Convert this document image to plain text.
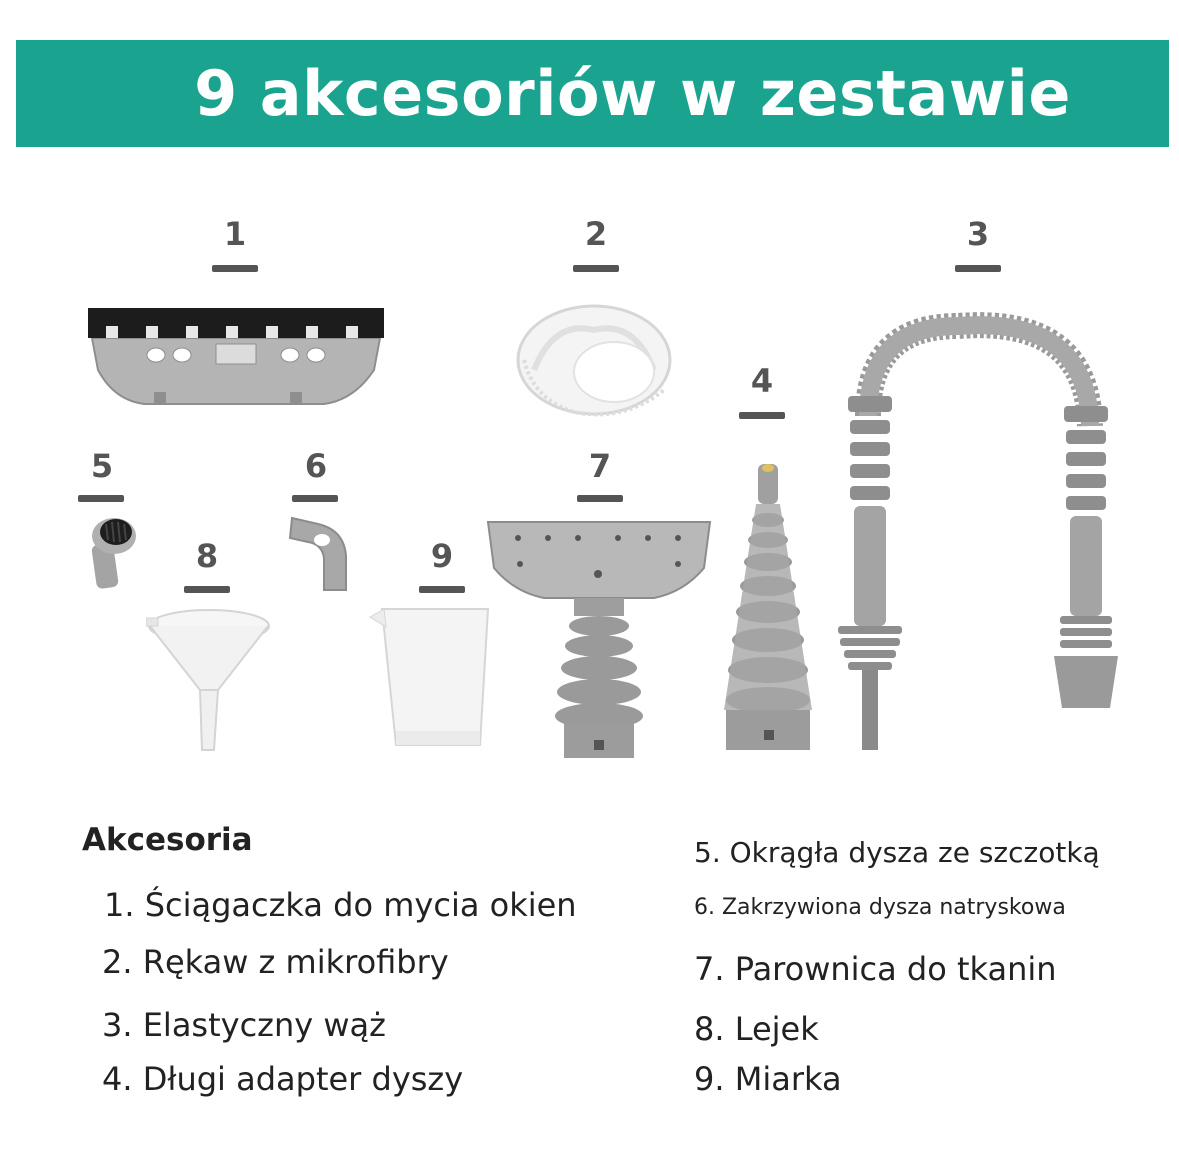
9 akcesoriów w zestawie
1	2	3
4
5	6	7
8	9
Akcesoria
1. Ściągaczka do mycia okien
2. Rękaw z mikrofibry
3. Elastyczny wąż
4. Długi adapter dyszy
5. Okrągła dysza ze szczotką
6. Zakrzywiona dysza natryskowa
7. Parownica do tkanin
8. Lejek
9. Miarka
